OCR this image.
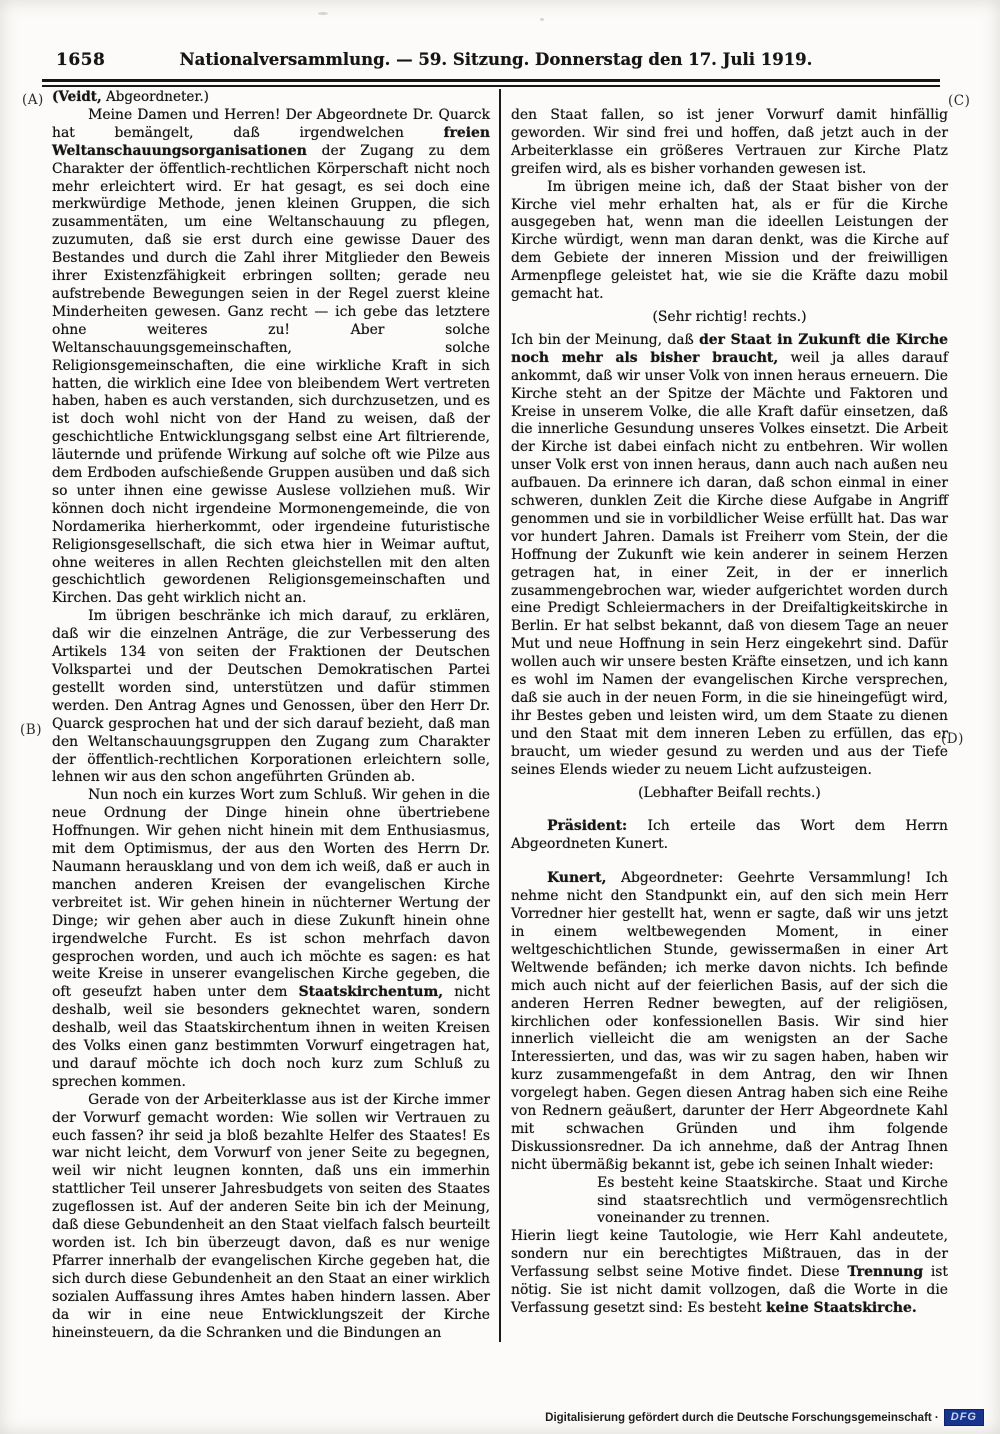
1658	Nationalversammlung. — 59. Sitzung. Donnerstag den 17. Juli 1919.
(A)
(B)
(C)
(D)
(Veidt, Abgeordneter.)
Meine Damen und Herren! Der Abgeordnete Dr. Quarck hat bemängelt, daß irgendwelchen freien Weltanschauungsorganisationen der Zugang zu dem Charakter der öffentlich-rechtlichen Körperschaft nicht noch mehr erleichtert wird. Er hat gesagt, es sei doch eine merkwürdige Methode, jenen kleinen Gruppen, die sich zusammentäten, um eine Weltanschauung zu pflegen, zuzumuten, daß sie erst durch eine gewisse Dauer des Bestandes und durch die Zahl ihrer Mitglieder den Beweis ihrer Existenzfähigkeit erbringen sollten; gerade neu aufstrebende Bewegungen seien in der Regel zuerst kleine Minderheiten gewesen. Ganz recht — ich gebe das letztere ohne weiteres zu! Aber solche Weltanschauungsgemeinschaften, solche Religionsgemeinschaften, die eine wirkliche Kraft in sich hatten, die wirklich eine Idee von bleibendem Wert vertreten haben, haben es auch verstanden, sich durchzusetzen, und es ist doch wohl nicht von der Hand zu weisen, daß der geschichtliche Entwicklungsgang selbst eine Art filtrierende, läuternde und prüfende Wirkung auf solche oft wie Pilze aus dem Erdboden aufschießende Gruppen ausüben und daß sich so unter ihnen eine gewisse Auslese vollziehen muß. Wir können doch nicht irgendeine Mormonengemeinde, die von Nordamerika hierherkommt, oder irgendeine futuristische Religionsgesellschaft, die sich etwa hier in Weimar auftut, ohne weiteres in allen Rechten gleichstellen mit den alten geschichtlich gewordenen Religionsgemeinschaften und Kirchen. Das geht wirklich nicht an.
Im übrigen beschränke ich mich darauf, zu erklären, daß wir die einzelnen Anträge, die zur Verbesserung des Artikels 134 von seiten der Fraktionen der Deutschen Volkspartei und der Deutschen Demokratischen Partei gestellt worden sind, unterstützen und dafür stimmen werden. Den Antrag Agnes und Genossen, über den Herr Dr. Quarck gesprochen hat und der sich darauf bezieht, daß man den Weltanschauungsgruppen den Zugang zum Charakter der öffentlich-rechtlichen Korporationen erleichtern solle, lehnen wir aus den schon angeführten Gründen ab.
Nun noch ein kurzes Wort zum Schluß. Wir gehen in die neue Ordnung der Dinge hinein ohne übertriebene Hoffnungen. Wir gehen nicht hinein mit dem Enthusiasmus, mit dem Optimismus, der aus den Worten des Herrn Dr. Naumann herausklang und von dem ich weiß, daß er auch in manchen anderen Kreisen der evangelischen Kirche verbreitet ist. Wir gehen hinein in nüchterner Wertung der Dinge; wir gehen aber auch in diese Zukunft hinein ohne irgendwelche Furcht. Es ist schon mehrfach davon gesprochen worden, und auch ich möchte es sagen: es hat weite Kreise in unserer evangelischen Kirche gegeben, die oft geseufzt haben unter dem Staatskirchentum, nicht deshalb, weil sie besonders geknechtet waren, sondern deshalb, weil das Staatskirchentum ihnen in weiten Kreisen des Volks einen ganz bestimmten Vorwurf eingetragen hat, und darauf möchte ich doch noch kurz zum Schluß zu sprechen kommen.
Gerade von der Arbeiterklasse aus ist der Kirche immer der Vorwurf gemacht worden: Wie sollen wir Vertrauen zu euch fassen? ihr seid ja bloß bezahlte Helfer des Staates! Es war nicht leicht, dem Vorwurf von jener Seite zu begegnen, weil wir nicht leugnen konnten, daß uns ein immerhin stattlicher Teil unserer Jahresbudgets von seiten des Staates zugeflossen ist. Auf der anderen Seite bin ich der Meinung, daß diese Gebundenheit an den Staat vielfach falsch beurteilt worden ist. Ich bin überzeugt davon, daß es nur wenige Pfarrer innerhalb der evangelischen Kirche gegeben hat, die sich durch diese Gebundenheit an den Staat an einer wirklich sozialen Auffassung ihres Amtes haben hindern lassen. Aber da wir in eine neue Entwicklungszeit der Kirche hineinsteuern, da die Schranken und die Bindungen an
den Staat fallen, so ist jener Vorwurf damit hinfällig geworden. Wir sind frei und hoffen, daß jetzt auch in der Arbeiterklasse ein größeres Vertrauen zur Kirche Platz greifen wird, als es bisher vorhanden gewesen ist.
Im übrigen meine ich, daß der Staat bisher von der Kirche viel mehr erhalten hat, als er für die Kirche ausgegeben hat, wenn man die ideellen Leistungen der Kirche würdigt, wenn man daran denkt, was die Kirche auf dem Gebiete der inneren Mission und der freiwilligen Armenpflege geleistet hat, wie sie die Kräfte dazu mobil gemacht hat.
(Sehr richtig! rechts.)
Ich bin der Meinung, daß der Staat in Zukunft die Kirche noch mehr als bisher braucht, weil ja alles darauf ankommt, daß wir unser Volk von innen heraus erneuern. Die Kirche steht an der Spitze der Mächte und Faktoren und Kreise in unserem Volke, die alle Kraft dafür einsetzen, daß die innerliche Gesundung unseres Volkes einsetzt. Die Arbeit der Kirche ist dabei einfach nicht zu entbehren. Wir wollen unser Volk erst von innen heraus, dann auch nach außen neu aufbauen. Da erinnere ich daran, daß schon einmal in einer schweren, dunklen Zeit die Kirche diese Aufgabe in Angriff genommen und sie in vorbildlicher Weise erfüllt hat. Das war vor hundert Jahren. Damals ist Freiherr vom Stein, der die Hoffnung der Zukunft wie kein anderer in seinem Herzen getragen hat, in einer Zeit, in der er innerlich zusammengebrochen war, wieder aufgerichtet worden durch eine Predigt Schleiermachers in der Dreifaltigkeitskirche in Berlin. Er hat selbst bekannt, daß von diesem Tage an neuer Mut und neue Hoffnung in sein Herz eingekehrt sind. Dafür wollen auch wir unsere besten Kräfte einsetzen, und ich kann es wohl im Namen der evangelischen Kirche versprechen, daß sie auch in der neuen Form, in die sie hineingefügt wird, ihr Bestes geben und leisten wird, um dem Staate zu dienen und den Staat mit dem inneren Leben zu erfüllen, das er braucht, um wieder gesund zu werden und aus der Tiefe seines Elends wieder zu neuem Licht aufzusteigen.
(Lebhafter Beifall rechts.)
Präsident: Ich erteile das Wort dem Herrn Abgeordneten Kunert.
Kunert, Abgeordneter: Geehrte Versammlung! Ich nehme nicht den Standpunkt ein, auf den sich mein Herr Vorredner hier gestellt hat, wenn er sagte, daß wir uns jetzt in einem weltbewegenden Moment, in einer weltgeschichtlichen Stunde, gewissermaßen in einer Art Weltwende befänden; ich merke davon nichts. Ich befinde mich auch nicht auf der feierlichen Basis, auf der sich die anderen Herren Redner bewegten, auf der religiösen, kirchlichen oder konfessionellen Basis. Wir sind hier innerlich vielleicht die am wenigsten an der Sache Interessierten, und das, was wir zu sagen haben, haben wir kurz zusammengefaßt in dem Antrag, den wir Ihnen vorgelegt haben. Gegen diesen Antrag haben sich eine Reihe von Rednern geäußert, darunter der Herr Abgeordnete Kahl mit schwachen Gründen und ihm folgende Diskussionsredner. Da ich annehme, daß der Antrag Ihnen nicht übermäßig bekannt ist, gebe ich seinen Inhalt wieder:
Es besteht keine Staatskirche. Staat und Kirche sind staatsrechtlich und vermögensrechtlich voneinander zu trennen.
Hierin liegt keine Tautologie, wie Herr Kahl andeutete, sondern nur ein berechtigtes Mißtrauen, das in der Verfassung selbst seine Motive findet. Diese Trennung ist nötig. Sie ist nicht damit vollzogen, daß die Worte in die Verfassung gesetzt sind: Es besteht keine Staatskirche.
Digitalisierung gefördert durch die Deutsche Forschungsgemeinschaft ·	DFG
